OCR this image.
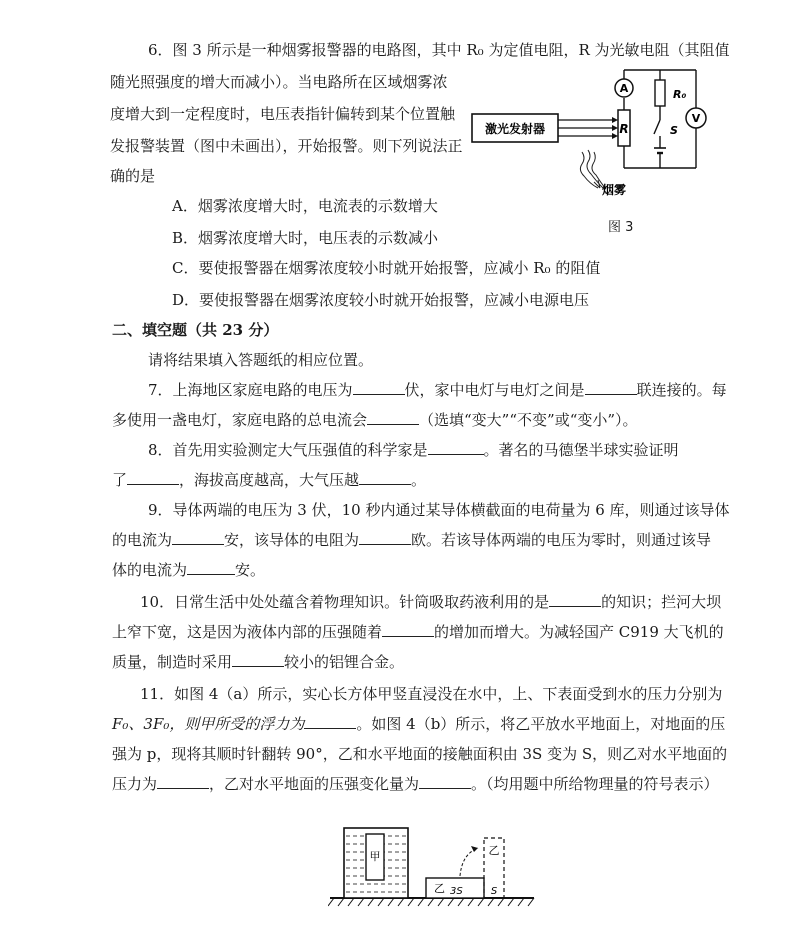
6．图 3 所示是一种烟雾报警器的电路图，其中 R₀ 为定值电阻，R 为光敏电阻（其阻值
随光照强度的增大而减小）。当电路所在区域烟雾浓
度增大到一定程度时，电压表指针偏转到某个位置触
发报警装置（图中未画出），开始报警。则下列说法正
确的是
A．烟雾浓度增大时，电流表的示数增大
B．烟雾浓度增大时，电压表的示数减小
C．要使报警器在烟雾浓度较小时就开始报警，应减小 R₀ 的阻值
D．要使报警器在烟雾浓度较小时就开始报警，应减小电源电压
激光发射器	R
A	R₀
S
V
烟雾
图 3
二、填空题（共 23 分）
请将结果填入答题纸的相应位置。
7．上海地区家庭电路的电压为	伏，家中电灯与电灯之间是	联连接的。每
多使用一盏电灯，家庭电路的总电流会	（选填“变大”“不变”或“变小”）。
8．首先用实验测定大气压强值的科学家是	。著名的马德堡半球实验证明
了	，海拔高度越高，大气压越	。
9．导体两端的电压为 3 伏，10 秒内通过某导体横截面的电荷量为 6 库，则通过该导体
的电流为	安，该导体的电阻为	欧。若该导体两端的电压为零时，则通过该导
体的电流为	安。
10．日常生活中处处蕴含着物理知识。针筒吸取药液利用的是	的知识；拦河大坝
上窄下宽，这是因为液体内部的压强随着	的增加而增大。为减轻国产 C919 大飞机的
质量，制造时采用	较小的铝锂合金。
11．如图 4（a）所示，实心长方体甲竖直浸没在水中，上、下表面受到水的压力分别为
F₀、3F₀，则甲所受的浮力为	。如图 4（b）所示，将乙平放水平地面上，对地面的压
强为 p，现将其顺时针翻转 90°，乙和水平地面的接触面积由 3S 变为 S，则乙对水平地面的
压力为	，乙对水平地面的压强变化量为	。（均用题中所给物理量的符号表示）
甲
乙 3S
乙
S
